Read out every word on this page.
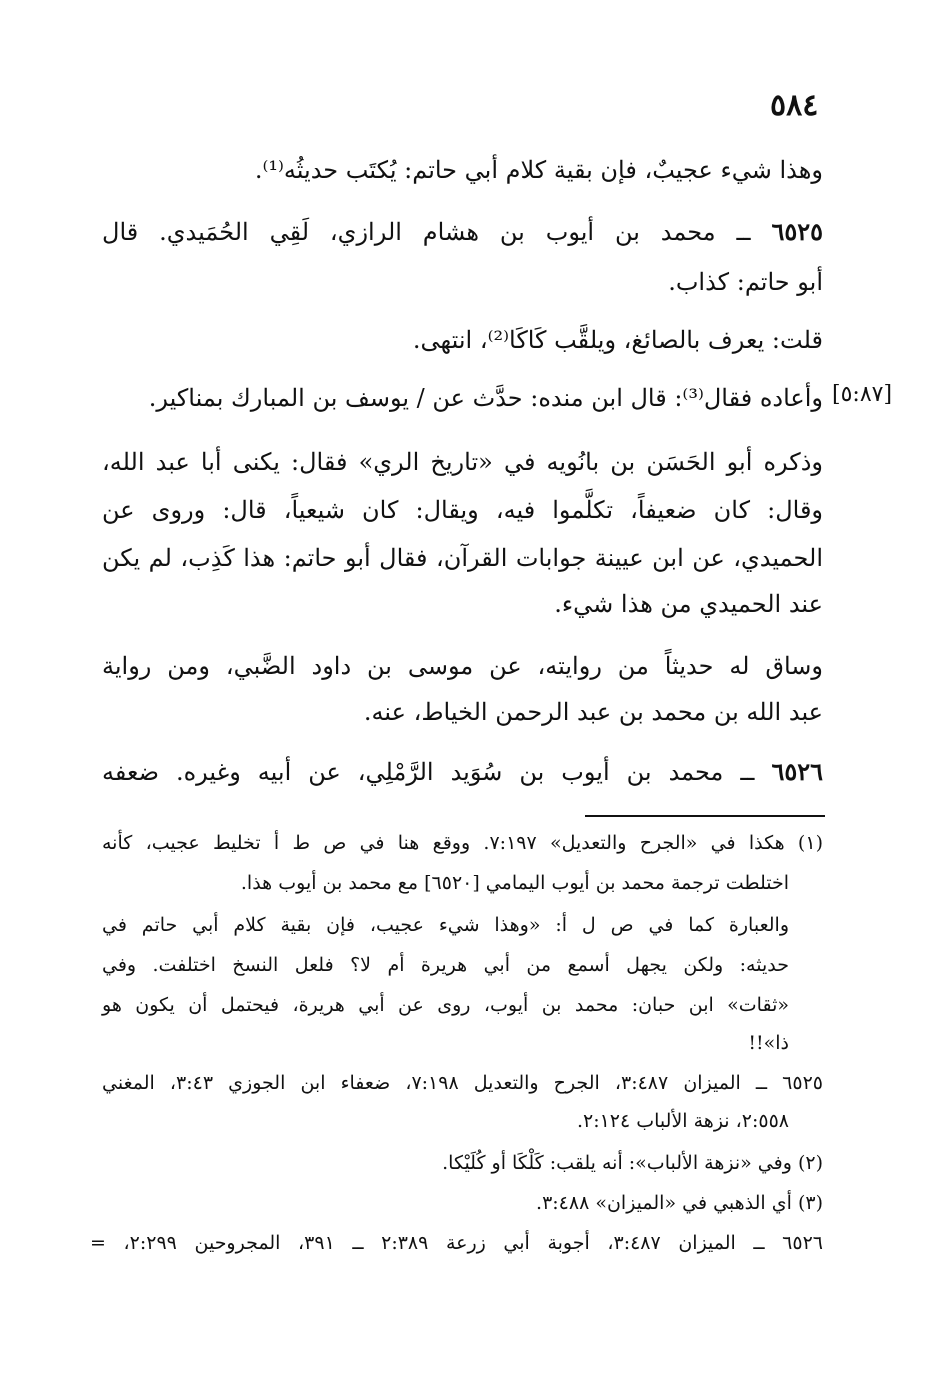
٥٨٤
وهذا شيء عجيبٌ، فإن بقية كلام أبي حاتم: يُكتَب حديثُه⁽¹⁾.
٦٥٢٥ ــ محمد بن أيوب بن هشام الرازي، لَقِي الحُمَيدي. قال
أبو حاتم: كذاب.
قلت: يعرف بالصائغ، ويلقَّب كَاكَا⁽²⁾، انتهى.
[٥:٨٧]
وأعاده فقال⁽³⁾: قال ابن منده: حدَّث عن / يوسف بن المبارك بمناكير.
وذكره أبو الحَسَن بن بانُويه في «تاريخ الري» فقال: يكنى أبا عبد الله،
وقال: كان ضعيفاً، تكلَّموا فيه، ويقال: كان شيعياً، قال: وروى عن
الحميدي، عن ابن عيينة جوابات القرآن، فقال أبو حاتم: هذا كَذِب، لم يكن
عند الحميدي من هذا شيء.
وساق له حديثاً من روايته، عن موسى بن داود الضَّبي، ومن رواية
عبد الله بن محمد بن عبد الرحمن الخياط، عنه.
٦٥٢٦ ــ محمد بن أيوب بن سُوَيد الرَّمْلِي، عن أبيه وغيره. ضعفه
(١) هكذا في «الجرح والتعديل» ٧:١٩٧. ووقع هنا في ص ط أ تخليط عجيب، كأنه
اختلطت ترجمة محمد بن أيوب اليمامي [٦٥٢٠] مع محمد بن أيوب هذا.
والعبارة كما في ص ل أ: «وهذا شيء عجيب، فإن بقية كلام أبي حاتم في
حديثه: ولكن يجهل أسمع من أبي هريرة أم لا؟ فلعل النسخ اختلفت. وفي
«ثقات» ابن حبان: محمد بن أيوب، روى عن أبي هريرة، فيحتمل أن يكون هو
ذا»!!
٦٥٢٥ ــ الميزان ٣:٤٨٧، الجرح والتعديل ٧:١٩٨، ضعفاء ابن الجوزي ٣:٤٣، المغني
٢:٥٥٨، نزهة الألباب ٢:١٢٤.
(٢) وفي «نزهة الألباب»: أنه يلقب: كَلْكَا أو كُلَيْكا.
(٣) أي الذهبي في «الميزان» ٣:٤٨٨.
٦٥٢٦ ــ الميزان ٣:٤٨٧، أجوبة أبي زرعة ٢:٣٨٩ ــ ٣٩١، المجروحين ٢:٢٩٩، =
